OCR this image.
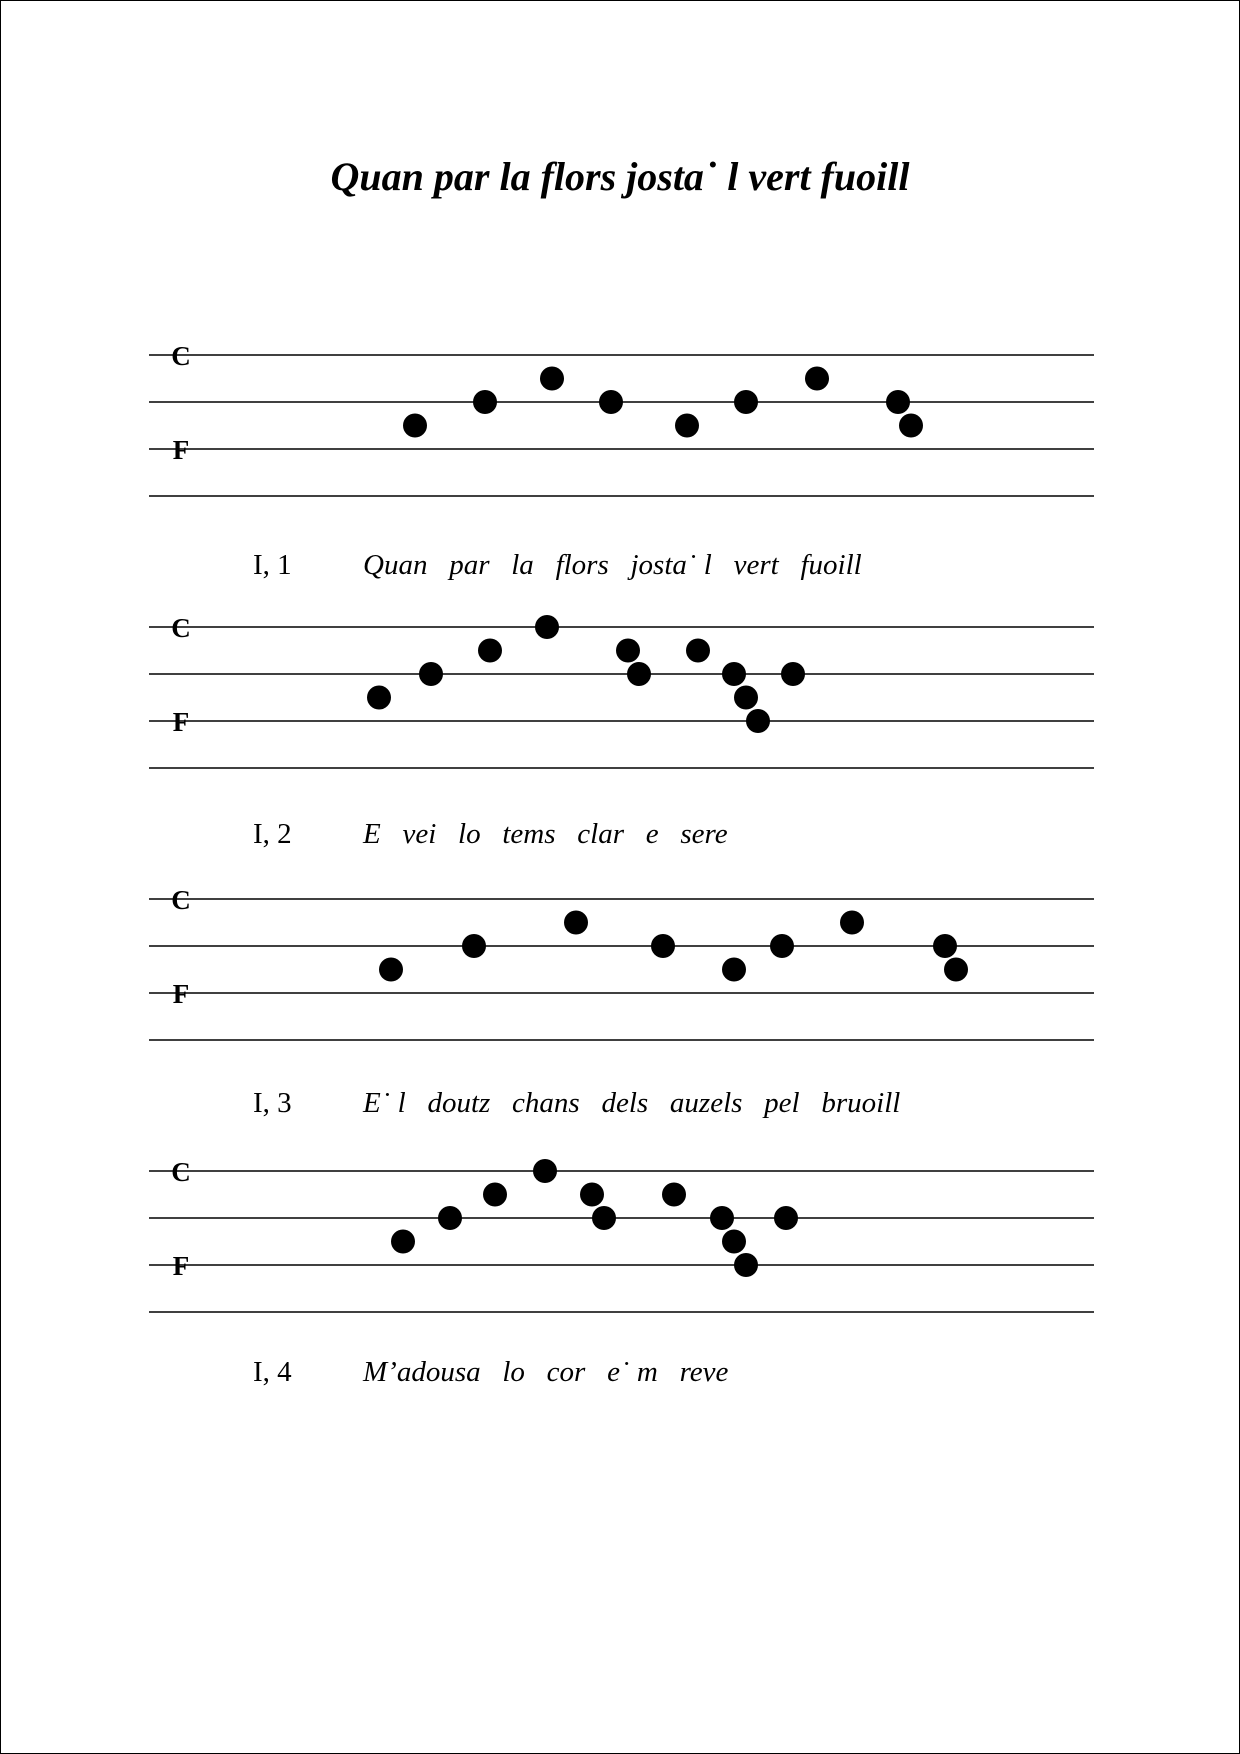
Quan par la flors josta˙ l vert fuoill
C
F
I, 1 Quan par la flors josta˙ l vert fuoill
C
F
I, 2 E vei lo tems clar e sere
C
F
I, 3 E˙ l doutz chans dels auzels pel bruoill
C
F
I, 4 M’adousa lo cor e˙ m reve
